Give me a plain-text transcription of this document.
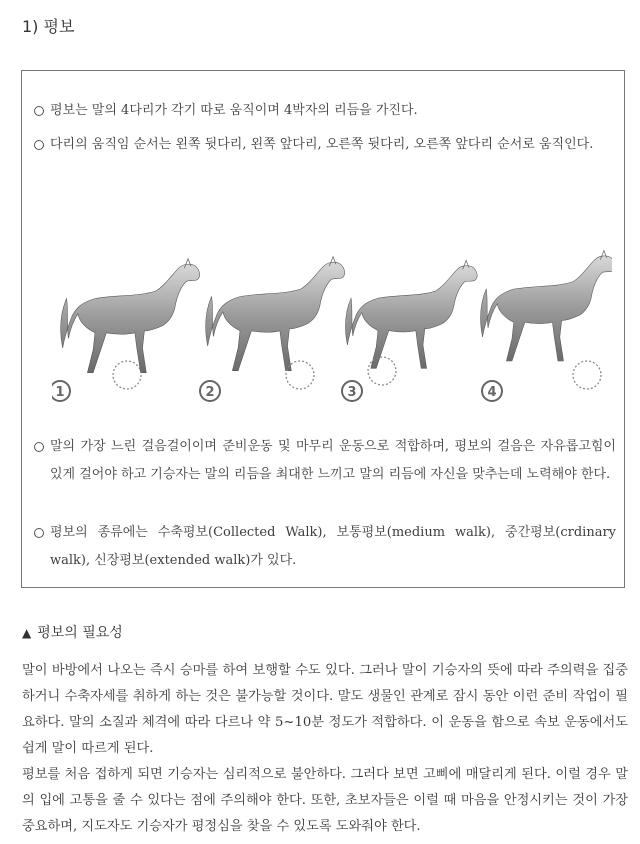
1) 평보
평보는 말의 4다리가 각기 따로 움직이며 4박자의 리듬을 가진다.
다리의 움직임 순서는 왼쪽 뒷다리, 왼쪽 앞다리, 오른쪽 뒷다리, 오른쪽 앞다리 순서로 움직인다.
1	2	3	4
말의 가장 느린 걸음걸이이며 준비운동 및 마무리 운동으로 적합하며, 평보의 걸음은 자유롭고힘이 있게 걸어야 하고 기승자는 말의 리듬을 최대한 느끼고 말의 리듬에 자신을 맞추는데 노력해야 한다.
평보의 종류에는 수축평보(Collected Walk), 보통평보(medium walk), 중간평보(crdinary walk), 신장평보(extended walk)가 있다.
▲ 평보의 필요성
말이 바방에서 나오는 즉시 승마를 하여 보행할 수도 있다. 그러나 말이 기승자의 뜻에 따라 주의력을 집중하거니 수축자세를 취하게 하는 것은 불가능할 것이다. 말도 생물인 관계로 잠시 동안 이런 준비 작업이 필요하다. 말의 소질과 체격에 따라 다르나 약 5~10분 정도가 적합하다. 이 운동을 함으로 속보 운동에서도 쉽게 말이 따르게 된다.
평보를 처음 접하게 되면 기승자는 심리적으로 불안하다. 그러다 보면 고삐에 매달리게 된다. 이럴 경우 말의 입에 고통을 줄 수 있다는 점에 주의해야 한다. 또한, 초보자들은 이럴 때 마음을 안정시키는 것이 가장 중요하며, 지도자도 기승자가 평정심을 찾을 수 있도록 도와줘야 한다.
